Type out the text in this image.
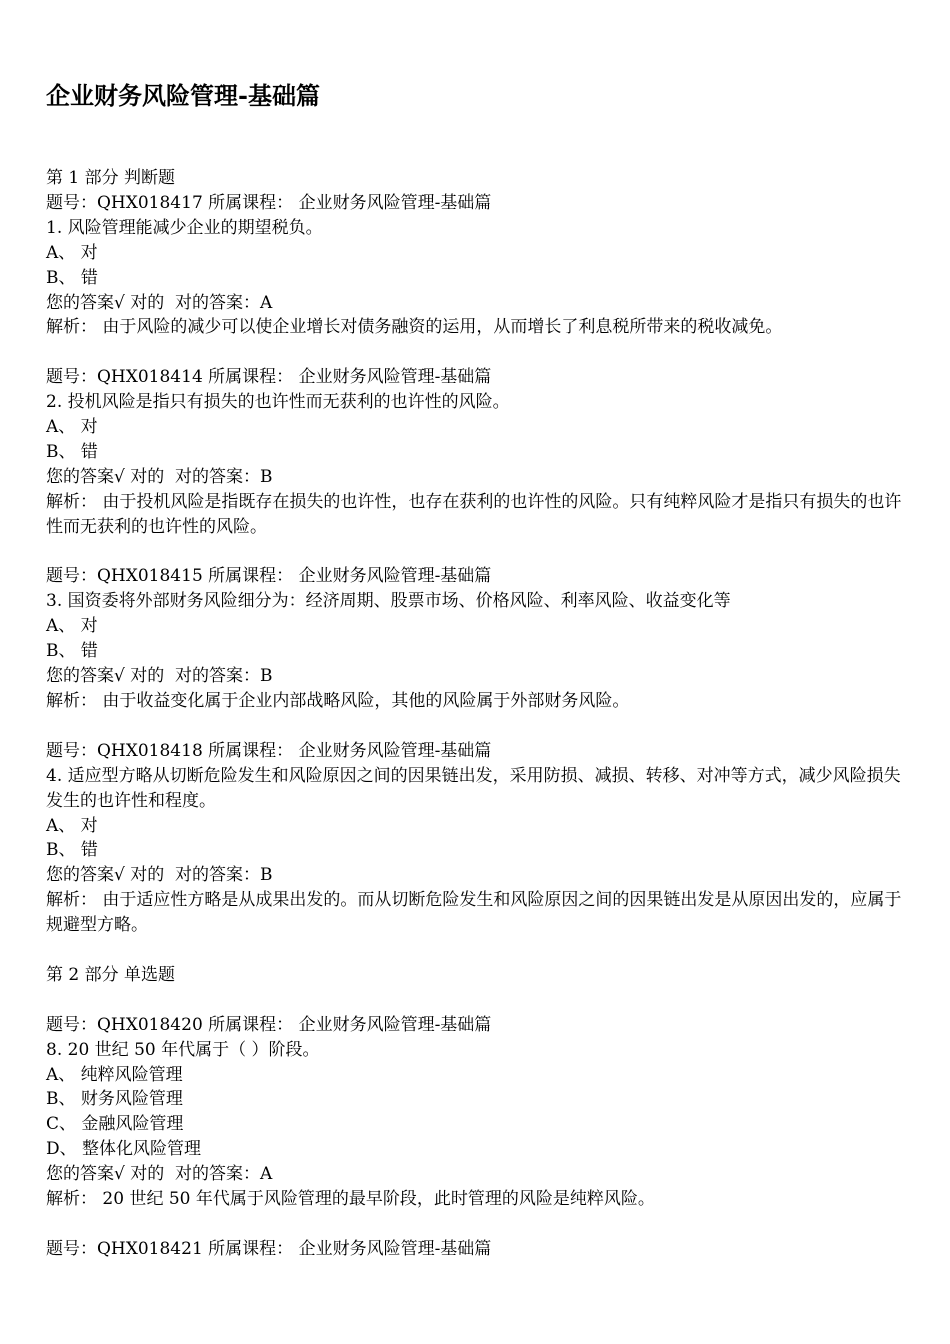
企业财务风险管理-基础篇

第 1 部分 判断题

题号：QHX018417 所属课程： 企业财务风险管理-基础篇

1. 风险管理能减少企业的期望税负。

A、 对

B、 错

您的答案√ 对的  对的答案：A

解析： 由于风险的减少可以使企业增长对债务融资的运用，从而增长了利息税所带来的税收减免。

题号：QHX018414 所属课程： 企业财务风险管理-基础篇

2. 投机风险是指只有损失的也许性而无获利的也许性的风险。

A、 对

B、 错

您的答案√ 对的  对的答案：B

解析： 由于投机风险是指既存在损失的也许性，也存在获利的也许性的风险。只有纯粹风险才是指只有损失的也许性而无获利的也许性的风险。

题号：QHX018415 所属课程： 企业财务风险管理-基础篇

3. 国资委将外部财务风险细分为：经济周期、股票市场、价格风险、利率风险、收益变化等

A、 对

B、 错

您的答案√ 对的  对的答案：B

解析： 由于收益变化属于企业内部战略风险，其他的风险属于外部财务风险。

题号：QHX018418 所属课程： 企业财务风险管理-基础篇

4. 适应型方略从切断危险发生和风险原因之间的因果链出发，采用防损、减损、转移、对冲等方式，减少风险损失发生的也许性和程度。

A、 对

B、 错

您的答案√ 对的  对的答案：B

解析： 由于适应性方略是从成果出发的。而从切断危险发生和风险原因之间的因果链出发是从原因出发的，应属于规避型方略。

第 2 部分 单选题

题号：QHX018420 所属课程： 企业财务风险管理-基础篇

8. 20 世纪 50 年代属于（ ）阶段。

A、 纯粹风险管理

B、 财务风险管理

C、 金融风险管理

D、 整体化风险管理

您的答案√ 对的  对的答案：A

解析： 20 世纪 50 年代属于风险管理的最早阶段，此时管理的风险是纯粹风险。

题号：QHX018421 所属课程： 企业财务风险管理-基础篇
